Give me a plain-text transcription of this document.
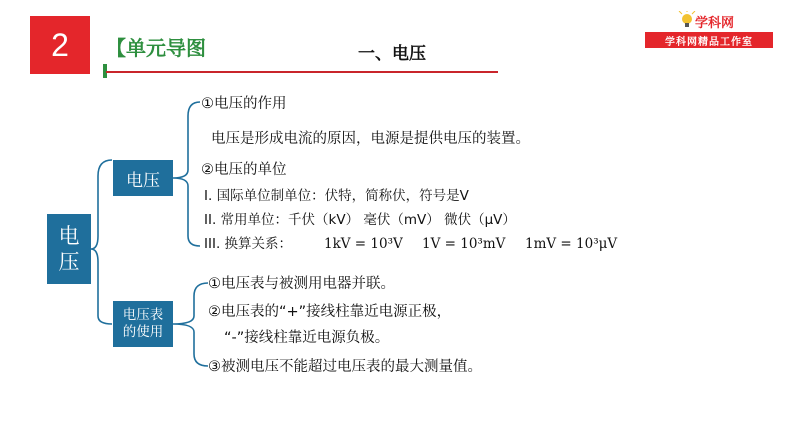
2 【单元导图	一、电压
学科网
学科网精品工作室
电
压
电压
①电压的作用
电压是形成电流的原因，电源是提供电压的装置。
②电压的单位
I. 国际单位制单位：伏特，简称伏，符号是V
II. 常用单位：千伏（kV） 毫伏（mV） 微伏（μV）
III. 换算关系： 1kV = 10³V 1V = 10³mV 1mV = 10³μV
电压表
的使用
①电压表与被测用电器并联。
②电压表的“+”接线柱靠近电源正极，
“-”接线柱靠近电源负极。
③被测电压不能超过电压表的最大测量值。
